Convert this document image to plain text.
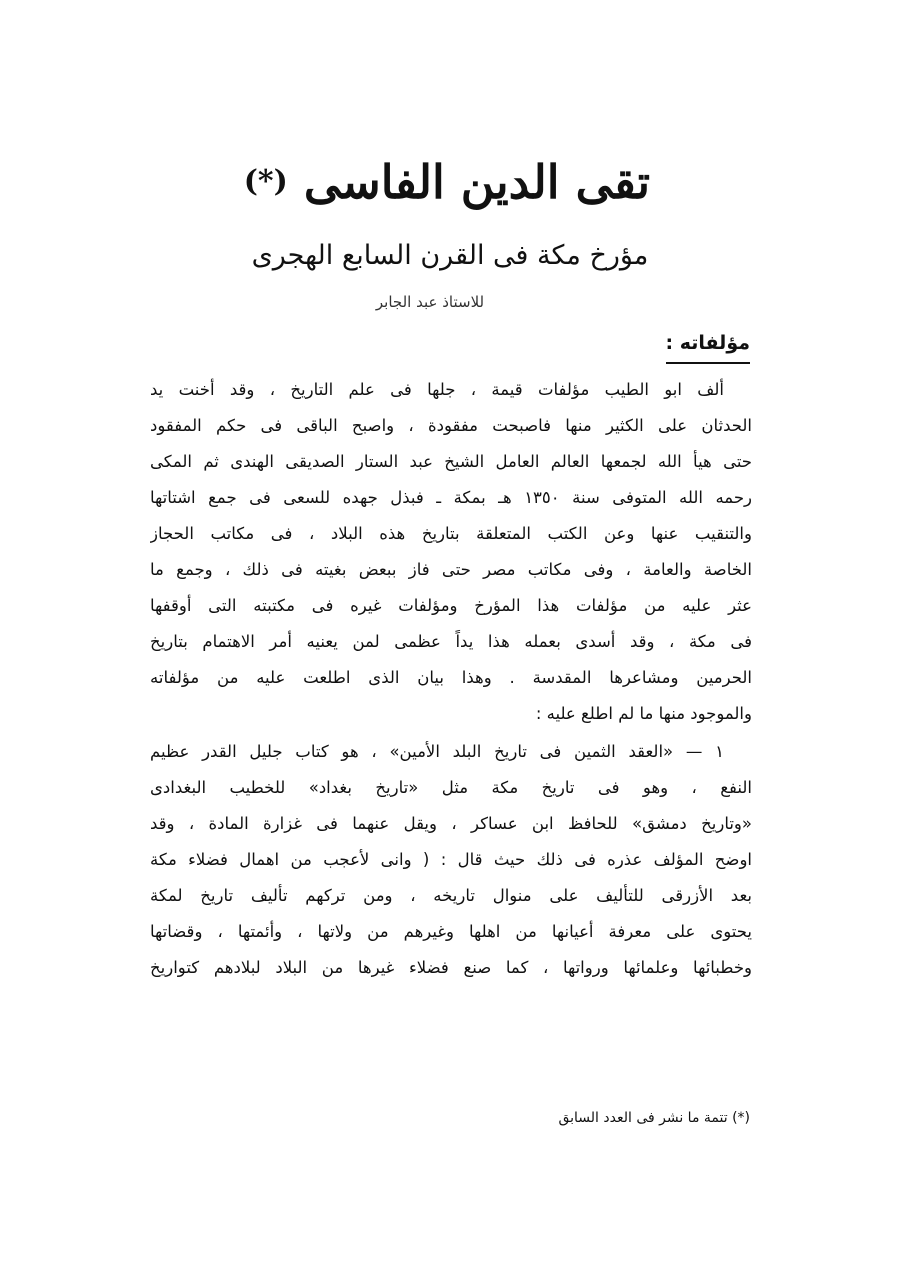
تقى الدين الفاسى (*)
مؤرخ مكة فى القرن السابع الهجرى
للاستاذ عبد الجابر
مؤلفاته :
ألف ابو الطيب مؤلفات قيمة ، جلها فى علم التاريخ ، وقد أخنت يد
الحدثان على الكثير منها فاصبحت مفقودة ، واصبح الباقى فى حكم المفقود
حتى هيأ الله لجمعها العالم العامل الشيخ عبد الستار الصديقى الهندى ثم المكى
رحمه الله المتوفى سنة ١٣٥٠ هـ بمكة ـ فبذل جهده للسعى فى جمع اشتاتها
والتنقيب عنها وعن الكتب المتعلقة بتاريخ هذه البلاد ، فى مكاتب الحجاز
الخاصة والعامة ، وفى مكاتب مصر حتى فاز ببعض بغيته فى ذلك ، وجمع ما
عثر عليه من مؤلفات هذا المؤرخ ومؤلفات غيره فى مكتبته التى أوقفها
فى مكة ، وقد أسدى بعمله هذا يداً عظمى لمن يعنيه أمر الاهتمام بتاريخ
الحرمين ومشاعرها المقدسة . وهذا بيان الذى اطلعت عليه من مؤلفاته
والموجود منها ما لم اطلع عليه :
١ — «العقد الثمين فى تاريخ البلد الأمين» ، هو كتاب جليل القدر عظيم
النفع ، وهو فى تاريخ مكة مثل «تاريخ بغداد» للخطيب البغدادى
«وتاريخ دمشق» للحافظ ابن عساكر ، ويقل عنهما فى غزارة المادة ، وقد
اوضح المؤلف عذره فى ذلك حيث قال : ( وانى لأعجب من اهمال فضلاء مكة
بعد الأزرقى للتأليف على منوال تاريخه ، ومن تركهم تأليف تاريخ لمكة
يحتوى على معرفة أعيانها من اهلها وغيرهم من ولاتها ، وأئمتها ، وقضاتها
وخطبائها وعلمائها ورواتها ، كما صنع فضلاء غيرها من البلاد لبلادهم كتواريخ
(*) تتمة ما نشر فى العدد السابق
